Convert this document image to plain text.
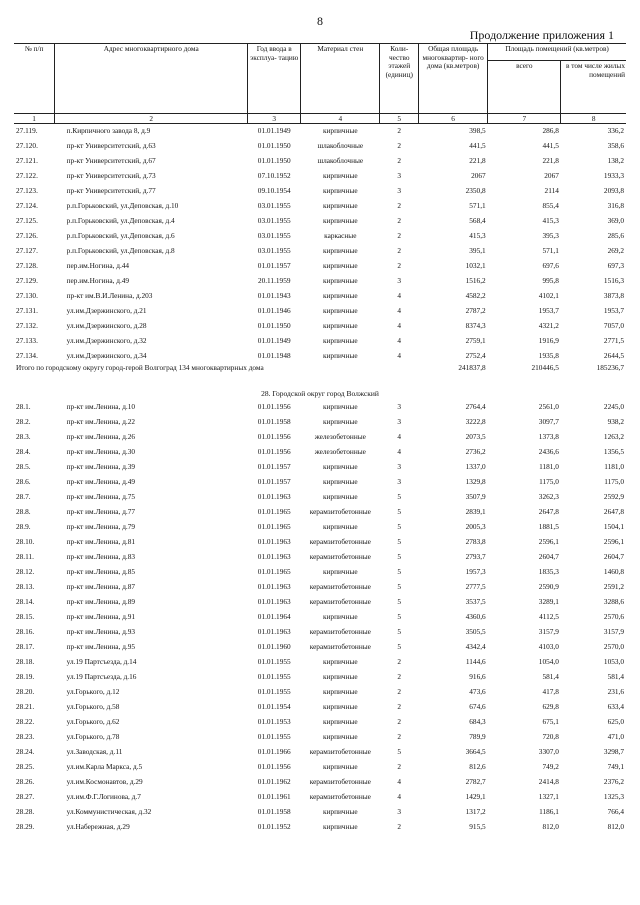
8
Продолжение приложения 1
№ п/п	Адрес многоквартирного дома	Год ввода в эксплуа- тацию	Материал стен	Коли- чество этажей (единиц)	Общая площадь многоквартир- ного дома (кв.метров)	Площадь помещений (кв.метров)	
						всего	в том числе жилых помещений
1	2	3	4	5	6	7	8
27.119.	п.Кирпичного завода 8, д.9	01.01.1949	кирпичные	2	398,5	286,8	336,2
27.120.	пр-кт Университетский, д.63	01.01.1950	шлакоблочные	2	441,5	441,5	358,6
27.121.	пр-кт Университетский, д.67	01.01.1950	шлакоблочные	2	221,8	221,8	138,2
27.122.	пр-кт Университетский, д.73	07.10.1952	кирпичные	3	2067	2067	1933,3
27.123.	пр-кт Университетский, д.77	09.10.1954	кирпичные	3	2350,8	2114	2093,8
27.124.	р.п.Горьковский, ул.Деповская, д.10	03.01.1955	кирпичные	2	571,1	855,4	316,8
27.125.	р.п.Горьковский, ул.Деповская, д.4	03.01.1955	кирпичные	2	568,4	415,3	369,0
27.126.	р.п.Горьковский, ул.Деповская, д.6	03.01.1955	каркасные	2	415,3	395,3	285,6
27.127.	р.п.Горьковский, ул.Деповская, д.8	03.01.1955	кирпичные	2	395,1	571,1	269,2
27.128.	пер.им.Ногина, д.44	01.01.1957	кирпичные	2	1032,1	697,6	697,3
27.129.	пер.им.Ногина, д.49	20.11.1959	кирпичные	3	1516,2	995,8	1516,3
27.130.	пр-кт им.В.И.Ленина, д.203	01.01.1943	кирпичные	4	4582,2	4102,1	3873,8
27.131.	ул.им.Дзержинского, д.21	01.01.1946	кирпичные	4	2787,2	1953,7	1953,7
27.132.	ул.им.Дзержинского, д.28	01.01.1950	кирпичные	4	8374,3	4321,2	7057,0
27.133.	ул.им.Дзержинского, д.32	01.01.1949	кирпичные	4	2759,1	1916,9	2771,5
27.134.	ул.им.Дзержинского, д.34	01.01.1948	кирпичные	4	2752,4	1935,8	2644,5
Итого по городскому округу город-герой Волгоград 134 многоквартирных дома					241837,8	210446,5	185236,7
28. Городской округ город Волжский							
28.1.	пр-кт им.Ленина, д.10	01.01.1956	кирпичные	3	2764,4	2561,0	2245,0
28.2.	пр-кт им.Ленина, д.22	01.01.1958	кирпичные	3	3222,8	3097,7	938,2
28.3.	пр-кт им.Ленина, д.26	01.01.1956	железобетонные	4	2073,5	1373,8	1263,2
28.4.	пр-кт им.Ленина, д.30	01.01.1956	железобетонные	4	2736,2	2436,6	1356,5
28.5.	пр-кт им.Ленина, д.39	01.01.1957	кирпичные	3	1337,0	1181,0	1181,0
28.6.	пр-кт им.Ленина, д.49	01.01.1957	кирпичные	3	1329,8	1175,0	1175,0
28.7.	пр-кт им.Ленина, д.75	01.01.1963	кирпичные	5	3507,9	3262,3	2592,9
28.8.	пр-кт им.Ленина, д.77	01.01.1965	керамзитобетонные	5	2839,1	2647,8	2647,8
28.9.	пр-кт им.Ленина, д.79	01.01.1965	кирпичные	5	2005,3	1881,5	1504,1
28.10.	пр-кт им.Ленина, д.81	01.01.1963	керамзитобетонные	5	2783,8	2596,1	2596,1
28.11.	пр-кт им.Ленина, д.83	01.01.1963	керамзитобетонные	5	2793,7	2604,7	2604,7
28.12.	пр-кт им.Ленина, д.85	01.01.1965	кирпичные	5	1957,3	1835,3	1460,8
28.13.	пр-кт им.Ленина, д.87	01.01.1963	керамзитобетонные	5	2777,5	2590,9	2591,2
28.14.	пр-кт им.Ленина, д.89	01.01.1963	керамзитобетонные	5	3537,5	3289,1	3288,6
28.15.	пр-кт им.Ленина, д.91	01.01.1964	кирпичные	5	4360,6	4112,5	2570,6
28.16.	пр-кт им.Ленина, д.93	01.01.1963	керамзитобетонные	5	3505,5	3157,9	3157,9
28.17.	пр-кт им.Ленина, д.95	01.01.1960	керамзитобетонные	5	4342,4	4103,0	2570,0
28.18.	ул.19 Партсъезда, д.14	01.01.1955	кирпичные	2	1144,6	1054,0	1053,0
28.19.	ул.19 Партсъезда, д.16	01.01.1955	кирпичные	2	916,6	581,4	581,4
28.20.	ул.Горького, д.12	01.01.1955	кирпичные	2	473,6	417,8	231,6
28.21.	ул.Горького, д.58	01.01.1954	кирпичные	2	674,6	629,8	633,4
28.22.	ул.Горького, д.62	01.01.1953	кирпичные	2	684,3	675,1	625,0
28.23.	ул.Горького, д.78	01.01.1955	кирпичные	2	789,9	720,8	471,0
28.24.	ул.Заводская, д.11	01.01.1966	керамзитобетонные	5	3664,5	3307,0	3298,7
28.25.	ул.им.Карла Маркса, д.5	01.01.1956	кирпичные	2	812,6	749,2	749,1
28.26.	ул.им.Космонавтов, д.29	01.01.1962	керамзитобетонные	4	2782,7	2414,8	2376,2
28.27.	ул.им.Ф.Г.Логинова, д.7	01.01.1961	керамзитобетонные	4	1429,1	1327,1	1325,3
28.28.	ул.Коммунистическая, д.32	01.01.1958	кирпичные	3	1317,2	1186,1	766,4
28.29.	ул.Набережная, д.29	01.01.1952	кирпичные	2	915,5	812,0	812,0
